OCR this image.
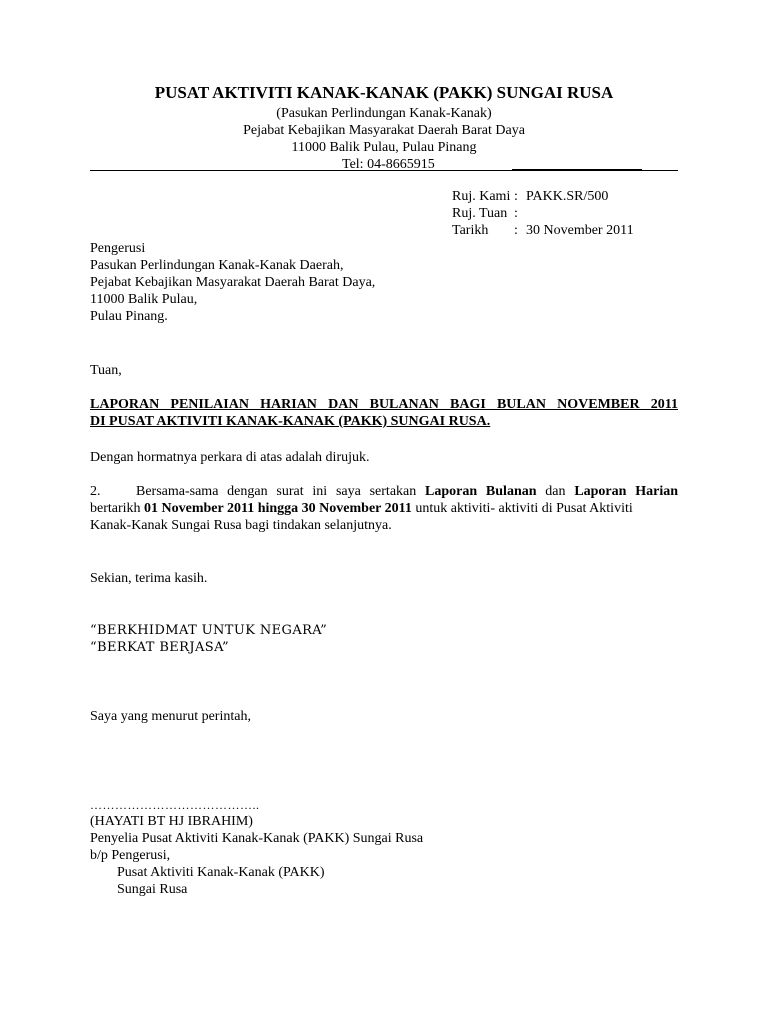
PUSAT AKTIVITI KANAK-KANAK (PAKK) SUNGAI RUSA
(Pasukan Perlindungan Kanak-Kanak)
Pejabat Kebajikan Masyarakat Daerah Barat Daya
11000 Balik Pulau, Pulau Pinang
Tel: 04-8665915
Ruj. Kami : PAKK.SR/500
Ruj. Tuan :
Tarikh : 30 November 2011
Pengerusi
Pasukan Perlindungan Kanak-Kanak Daerah,
Pejabat Kebajikan Masyarakat Daerah Barat Daya,
11000 Balik Pulau,
Pulau Pinang.
Tuan,
LAPORAN PENILAIAN HARIAN DAN BULANAN BAGI BULAN NOVEMBER 2011
DI PUSAT AKTIVITI KANAK-KANAK (PAKK) SUNGAI RUSA.
Dengan hormatnya perkara di atas adalah dirujuk.
2.	Bersama-sama dengan surat ini saya sertakan Laporan Bulanan dan Laporan Harian
bertarikh 01 November 2011 hingga 30 November 2011 untuk aktiviti- aktiviti di Pusat Aktiviti
Kanak-Kanak Sungai Rusa bagi tindakan selanjutnya.
Sekian, terima kasih.
“BERKHIDMAT UNTUK NEGARA”
“BERKAT BERJASA”
Saya yang menurut perintah,
…………………………………..
(HAYATI BT HJ IBRAHIM)
Penyelia Pusat Aktiviti Kanak-Kanak (PAKK) Sungai Rusa
b/p Pengerusi,
Pusat Aktiviti Kanak-Kanak (PAKK)
Sungai Rusa
